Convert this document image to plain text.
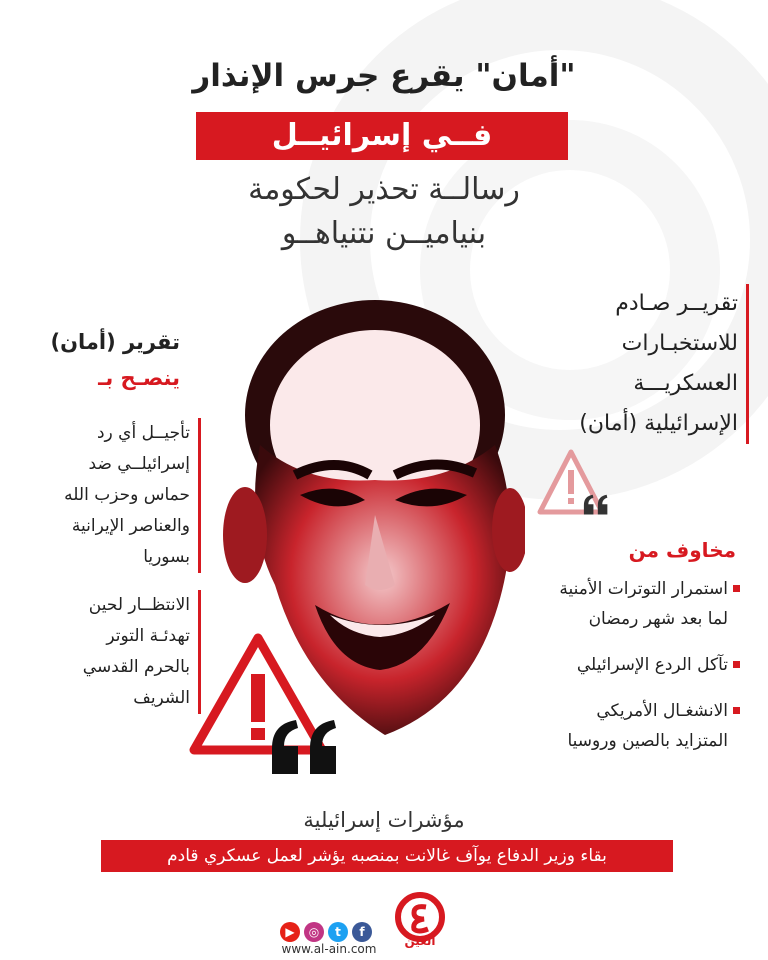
"أمان" يقرع جرس الإنذار
فــي إسرائيــل
رسالــة تحذير لحكومة
بنياميــن نتنياهــو
تقريــر صـادم
للاستخبـارات
العسكريـــة
الإسرائيلية (أمان)
تقرير (أمان)
ينصـح بـ
تأجيــل أي رد
إسرائيلــي ضد
حماس وحزب الله
والعناصر الإيرانية
بسوريا
الانتظــار لحين
تهدئـة التوتر
بالحرم القدسي
الشريف
مخاوف من
استمرار التوترات الأمنية
لما بعد شهر رمضان
تآكل الردع الإسرائيلي
الانشغـال الأمريكي
المتزايد بالصين وروسيا
مؤشرات إسرائيلية
بقاء وزير الدفاع يوآف غالانت بمنصبه يؤشر لعمل عسكري قادم
▶	◎	t	f
www.al-ain.com
العين
